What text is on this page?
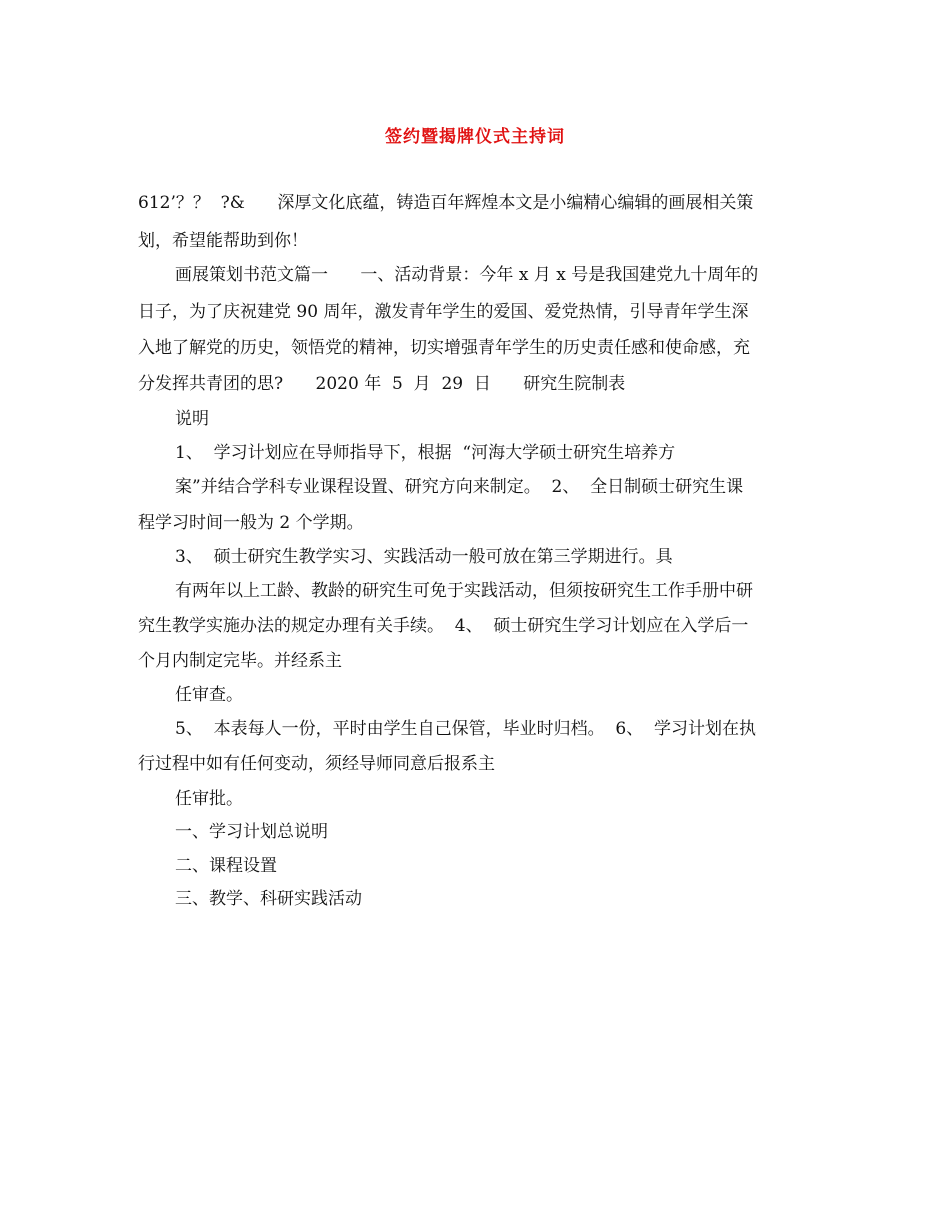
签约暨揭牌仪式主持词
612’？？  ?&      深厚文化底蕴，铸造百年辉煌本文是小编精心编辑的画展相关策
划，希望能帮助到你！
画展策划书范文篇一      一、活动背景：今年 x 月 x 号是我国建党九十周年的
日子，为了庆祝建党 90 周年，激发青年学生的爱国、爱党热情，引导青年学生深
入地了解党的历史，领悟党的精神，切实增强青年学生的历史责任感和使命感，充
分发挥共青团的思?      2020 年  5  月  29  日      研究生院制表
说明
1、  学习计划应在导师指导下，根据  “河海大学硕士研究生培养方
案”并结合学科专业课程设置、研究方向来制定。  2、  全日制硕士研究生课
程学习时间一般为 2 个学期。
3、  硕士研究生教学实习、实践活动一般可放在第三学期进行。具
有两年以上工龄、教龄的研究生可免于实践活动，但须按研究生工作手册中研
究生教学实施办法的规定办理有关手续。  4、  硕士研究生学习计划应在入学后一
个月内制定完毕。并经系主
任审查。
5、  本表每人一份，平时由学生自己保管，毕业时归档。  6、  学习计划在执
行过程中如有任何变动，须经导师同意后报系主
任审批。
一、学习计划总说明
二、课程设置
三、教学、科研实践活动
